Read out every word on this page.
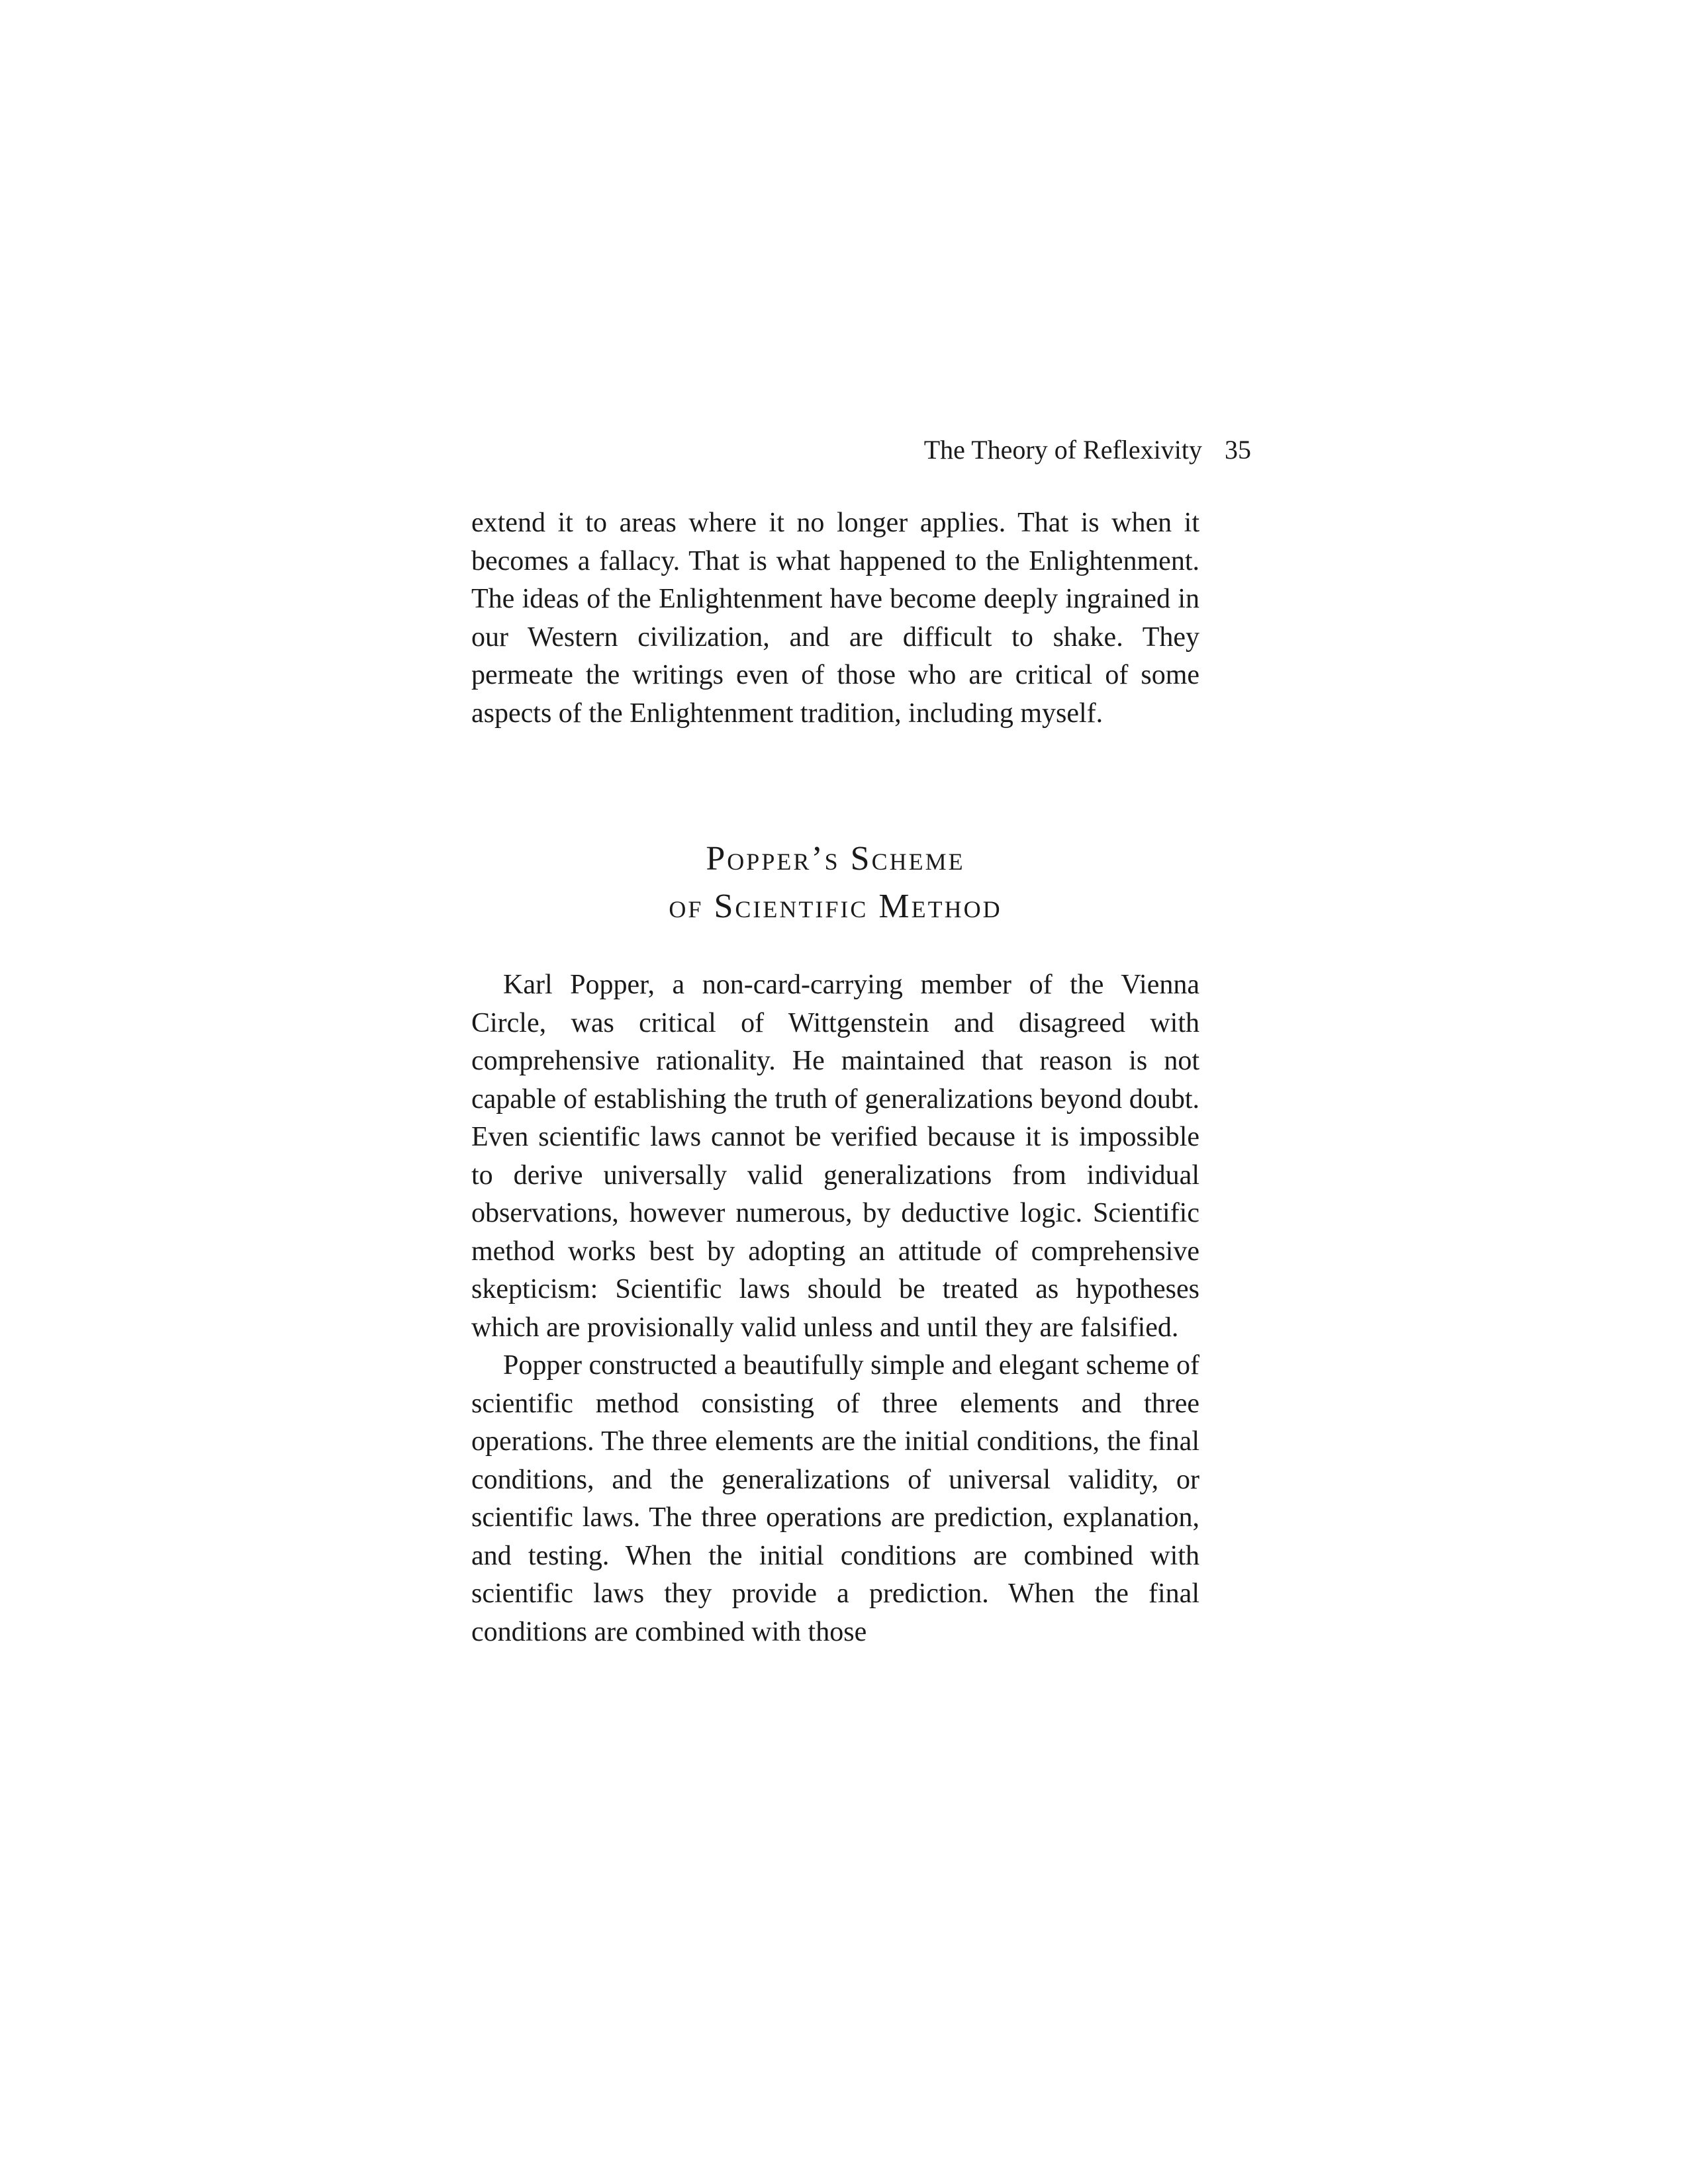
The Theory of Reflexivity 35

extend it to areas where it no longer applies. That is when it becomes a fallacy. That is what happened to the Enlightenment. The ideas of the Enlightenment have become deeply ingrained in our Western civilization, and are difficult to shake. They permeate the writings even of those who are critical of some aspects of the Enlightenment tradition, including myself.

Popper’s Scheme
of Scientific Method

Karl Popper, a non-card-carrying member of the Vienna Circle, was critical of Wittgenstein and disagreed with comprehensive rationality. He maintained that reason is not capable of establishing the truth of generalizations beyond doubt. Even scientific laws cannot be verified because it is impossible to derive universally valid generalizations from individual observations, however numerous, by deductive logic. Scientific method works best by adopting an attitude of comprehensive skepticism: Scientific laws should be treated as hypotheses which are provisionally valid unless and until they are falsified.

Popper constructed a beautifully simple and elegant scheme of scientific method consisting of three elements and three operations. The three elements are the initial conditions, the final conditions, and the generalizations of universal validity, or scientific laws. The three operations are prediction, explanation, and testing. When the initial conditions are combined with scientific laws they provide a prediction. When the final conditions are combined with those
